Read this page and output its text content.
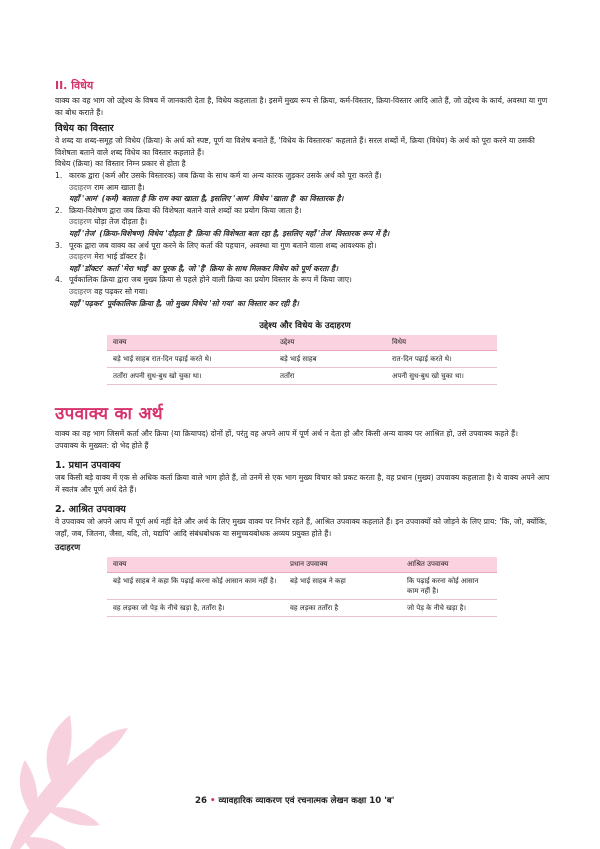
II. विधेय

वाक्य का वह भाग जो उद्देश्य के विषय में जानकारी देता है, विधेय कहलाता है। इसमें मुख्य रूप से क्रिया, कर्म-विस्तार, क्रिया-विस्तार आदि आते हैं, जो उद्देश्य के कार्य, अवस्था या गुण का बोध कराते हैं।

विधेय का विस्तार

वे शब्द या शब्द-समूह जो विधेय (क्रिया) के अर्थ को स्पष्ट, पूर्ण या विशेष बनाते हैं, 'विधेय के विस्तारक' कहलाते हैं। सरल शब्दों में, क्रिया (विधेय) के अर्थ को पूरा करने या उसकी विशेषता बताने वाले शब्द विधेय का विस्तार कहलाते हैं।

विधेय (क्रिया) का विस्तार निम्न प्रकार से होता है

1. कारक द्वारा (कर्म और उसके विस्तारक) जब क्रिया के साथ कर्म या अन्य कारक जुड़कर उसके अर्थ को पूरा करते हैं।
उदाहरण राम आम खाता है।
यहाँ 'आम' (कर्म) बताता है कि राम क्या खाता है, इसलिए 'आम' विधेय 'खाता है' का विस्तारक है।
2. क्रिया-विशेषण द्वारा जब क्रिया की विशेषता बताने वाले शब्दों का प्रयोग किया जाता है।
उदाहरण घोड़ा तेज दौड़ता है।
यहाँ 'तेज' (क्रिया-विशेषण) विधेय 'दौड़ता है' क्रिया की विशेषता बता रहा है, इसलिए यहाँ 'तेज' विस्तारक रूप में है।
3. पूरक द्वारा जब वाक्य का अर्थ पूरा करने के लिए कर्ता की पहचान, अवस्था या गुण बताने वाला शब्द आवश्यक हो।
उदाहरण मेरा भाई डॉक्टर है।
यहाँ 'डॉक्टर' कर्ता 'मेरा भाई' का पूरक है, जो 'है' क्रिया के साथ मिलकर विधेय को पूर्ण करता है।
4. पूर्वकालिक क्रिया द्वारा जब मुख्य क्रिया से पहले होने वाली क्रिया का प्रयोग विस्तार के रूप में किया जाए।
उदाहरण वह पढ़कर सो गया।
यहाँ 'पढ़कर' पूर्वकालिक क्रिया है, जो मुख्य विधेय 'सो गया' का विस्तार कर रही है।
उद्देश्य और विधेय के उदाहरण
वाक्य	उद्देश्य	विधेय
बड़े भाई साहब रात-दिन पढ़ाई करते थे।	बड़े भाई साहब	रात-दिन पढ़ाई करते थे।
तताँरा अपनी सुध-बुध खो चुका था।	तताँरा	अपनी सुध-बुध खो चुका था।
उपवाक्य का अर्थ

वाक्य का वह भाग जिसमें कर्ता और क्रिया (या क्रियापद) दोनों हों, परंतु वह अपने आप में पूर्ण अर्थ न देता हो और किसी अन्य वाक्य पर आश्रित हो, उसे उपवाक्य कहते हैं।

उपवाक्य के मुख्यत: दो भेद होते हैं

1. प्रधान उपवाक्य

जब किसी बड़े वाक्य में एक से अधिक कर्ता क्रिया वाले भाग होते हैं, तो उनमें से एक भाग मुख्य विचार को प्रकट करता है, वह प्रधान (मुख्य) उपवाक्य कहलाता है। ये वाक्य अपने आप में स्वतंत्र और पूर्ण अर्थ देते हैं।

2. आश्रित उपवाक्य

वे उपवाक्य जो अपने आप में पूर्ण अर्थ नहीं देते और अर्थ के लिए मुख्य वाक्य पर निर्भर रहते हैं, आश्रित उपवाक्य कहलाते हैं। इन उपवाक्यों को जोड़ने के लिए प्राय: 'कि, जो, क्योंकि, जहाँ, जब, जितना, जैसा, यदि, तो, यद्यपि' आदि संबंधबोधक या समुच्चयबोधक अव्यय प्रयुक्त होते हैं।

उदाहरण
वाक्य	प्रधान उपवाक्य	आश्रित उपवाक्य
बड़े भाई साहब ने कहा कि पढ़ाई करना कोई आसान काम नहीं है।	बड़े भाई साहब ने कहा	कि पढ़ाई करना कोई आसान काम नहीं है।
वह लड़का जो पेड़ के नीचे खड़ा है, तताँरा है।	वह लड़का तताँरा है	जो पेड़ के नीचे खड़ा है।
26 • व्यावहारिक व्याकरण एवं रचनात्मक लेखन कक्षा 10 'ब'
